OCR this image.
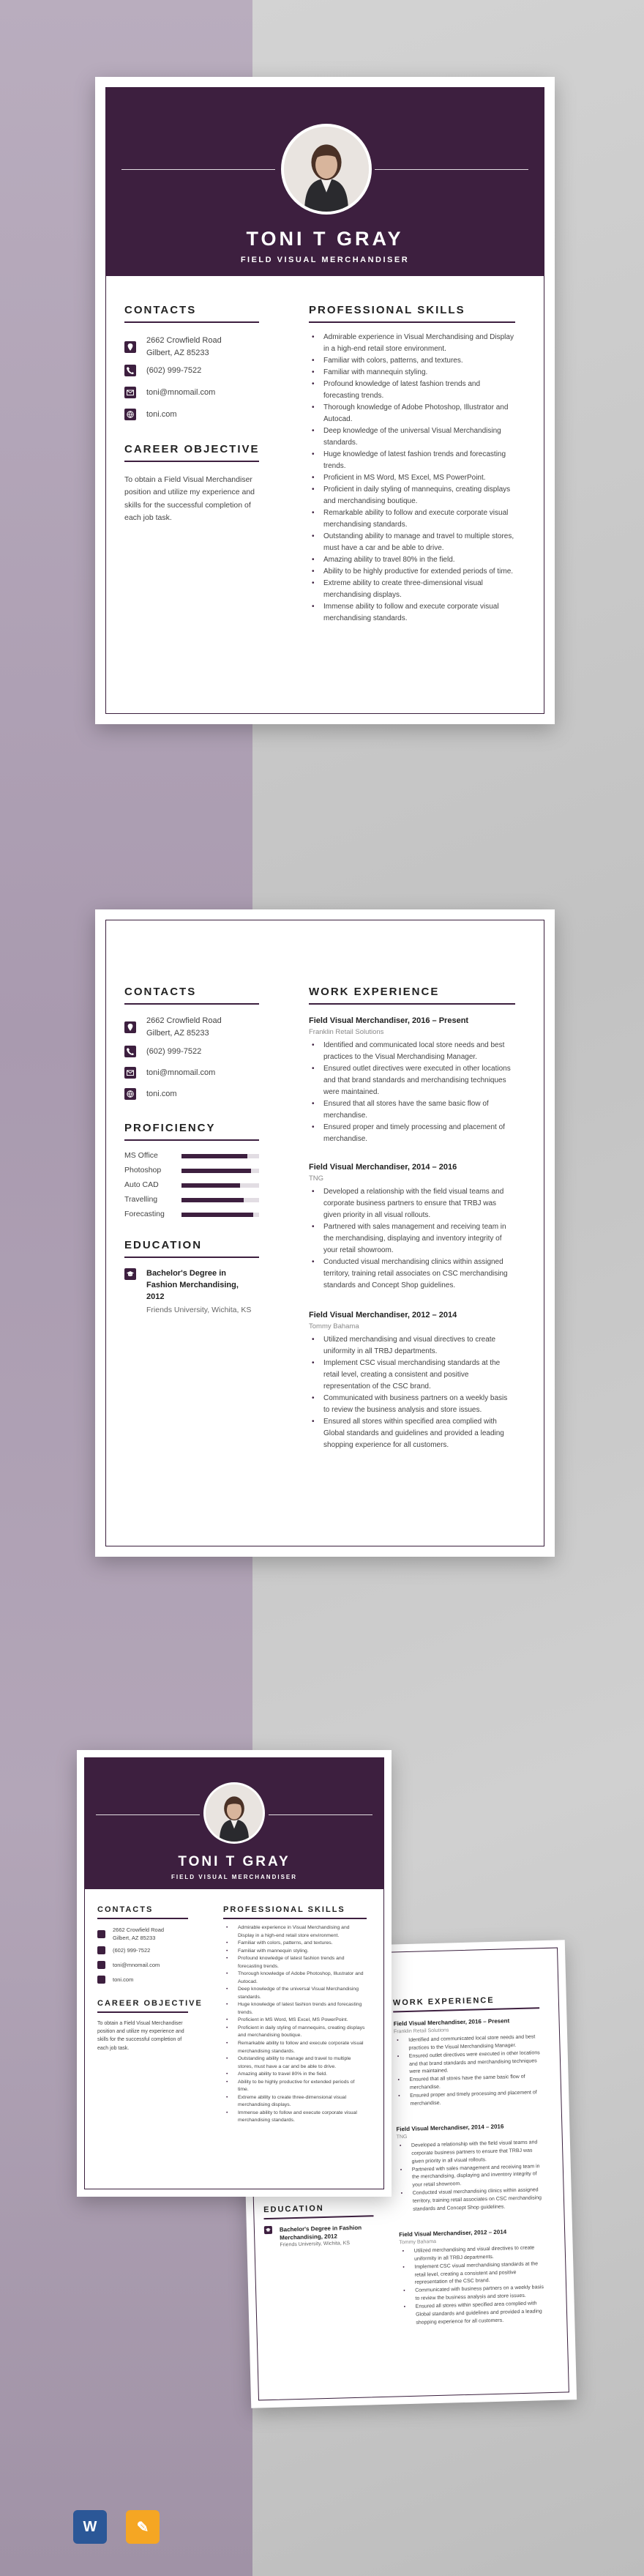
TONI T GRAY
FIELD VISUAL MERCHANDISER
CONTACTS
2662 Crowfield Road
Gilbert, AZ 85233
(602) 999-7522
toni@mnomail.com
toni.com
CAREER OBJECTIVE
To obtain a Field Visual Merchandiser position and utilize my experience and skills for the successful completion of each job task.
PROFESSIONAL SKILLS
• Admirable experience in Visual Merchandising and Display in a high-end retail store environment.
• Familiar with colors, patterns, and textures.
• Familiar with mannequin styling.
• Profound knowledge of latest fashion trends and forecasting trends.
• Thorough knowledge of Adobe Photoshop, Illustrator and Autocad.
• Deep knowledge of the universal Visual Merchandising standards.
• Huge knowledge of latest fashion trends and forecasting trends.
• Proficient in MS Word, MS Excel, MS PowerPoint.
• Proficient in daily styling of mannequins, creating displays and merchandising boutique.
• Remarkable ability to follow and execute corporate visual merchandising standards.
• Outstanding ability to manage and travel to multiple stores, must have a car and be able to drive.
• Amazing ability to travel 80% in the field.
• Ability to be highly productive for extended periods of time.
• Extreme ability to create three-dimensional visual merchandising displays.
• Immense ability to follow and execute corporate visual merchandising standards.
CONTACTS
2662 Crowfield Road
Gilbert, AZ 85233
(602) 999-7522
toni@mnomail.com
toni.com
PROFICIENCY
EDUCATION
Bachelor's Degree in Fashion Merchandising, 2012
Friends University, Wichita, KS
WORK EXPERIENCE
Field Visual Merchandiser, 2016 – Present
Franklin Retail Solutions
• Identified and communicated local store needs and best practices to the Visual Merchandising Manager.
• Ensured outlet directives were executed in other locations and that brand standards and merchandising techniques were maintained.
• Ensured that all stores have the same basic flow of merchandise.
• Ensured proper and timely processing and placement of merchandise.
Field Visual Merchandiser, 2014 – 2016
TNG
• Developed a relationship with the field visual teams and corporate business partners to ensure that TRBJ was given priority in all visual rollouts.
• Partnered with sales management and receiving team in the merchandising, displaying and inventory integrity of your retail showroom.
• Conducted visual merchandising clinics within assigned territory, training retail associates on CSC merchandising standards and Concept Shop guidelines.
Field Visual Merchandiser, 2012 – 2014
Tommy Bahama
• Utilized merchandising and visual directives to create uniformity in all TRBJ departments.
• Implement CSC visual merchandising standards at the retail level, creating a consistent and positive representation of the CSC brand.
• Communicated with business partners on a weekly basis to review the business analysis and store issues.
• Ensured all stores within specified area complied with Global standards and guidelines and provided a leading shopping experience for all customers.
MS Office
Photoshop
Auto CAD
Travelling
Forecasting
WORK EXPERIENCE
Field Visual Merchandiser, 2016 – Present
Franklin Retail Solutions
• Identified and communicated local store needs and best practices to the Visual Merchandising Manager.
• Ensured outlet directives were executed in other locations and that brand standards and merchandising techniques were maintained.
• Ensured that all stores have the same basic flow of merchandise.
• Ensured proper and timely processing and placement of merchandise.
Field Visual Merchandiser, 2014 – 2016
TNG
• Developed a relationship with the field visual teams and corporate business partners to ensure that TRBJ was given priority in all visual rollouts.
• Partnered with sales management and receiving team in the merchandising, displaying and inventory integrity of your retail showroom.
• Conducted visual merchandising clinics within assigned territory, training retail associates on CSC merchandising standards and Concept Shop guidelines.
Field Visual Merchandiser, 2012 – 2014
Tommy Bahama
• Utilized merchandising and visual directives to create uniformity in all TRBJ departments.
• Implement CSC visual merchandising standards at the retail level, creating a consistent and positive representation of the CSC brand.
• Communicated with business partners on a weekly basis to review the business analysis and store issues.
• Ensured all stores within specified area complied with Global standards and guidelines and provided a leading shopping experience for all customers.
EDUCATION
Bachelor's Degree in Fashion Merchandising, 2012
Friends University, Wichita, KS
TONI T GRAY
FIELD VISUAL MERCHANDISER
CONTACTS
2662 Crowfield Road
Gilbert, AZ 85233
(602) 999-7522
toni@mnomail.com
toni.com
CAREER OBJECTIVE
To obtain a Field Visual Merchandiser position and utilize my experience and skills for the successful completion of each job task.
PROFESSIONAL SKILLS
• Admirable experience in Visual Merchandising and Display in a high-end retail store environment.
• Familiar with colors, patterns, and textures.
• Familiar with mannequin styling.
• Profound knowledge of latest fashion trends and forecasting trends.
• Thorough knowledge of Adobe Photoshop, Illustrator and Autocad.
• Deep knowledge of the universal Visual Merchandising standards.
• Huge knowledge of latest fashion trends and forecasting trends.
• Proficient in MS Word, MS Excel, MS PowerPoint.
• Proficient in daily styling of mannequins, creating displays and merchandising boutique.
• Remarkable ability to follow and execute corporate visual merchandising standards.
• Outstanding ability to manage and travel to multiple stores, must have a car and be able to drive.
• Amazing ability to travel 80% in the field.
• Ability to be highly productive for extended periods of time.
• Extreme ability to create three-dimensional visual merchandising displays.
• Immense ability to follow and execute corporate visual merchandising standards.
W	✎
